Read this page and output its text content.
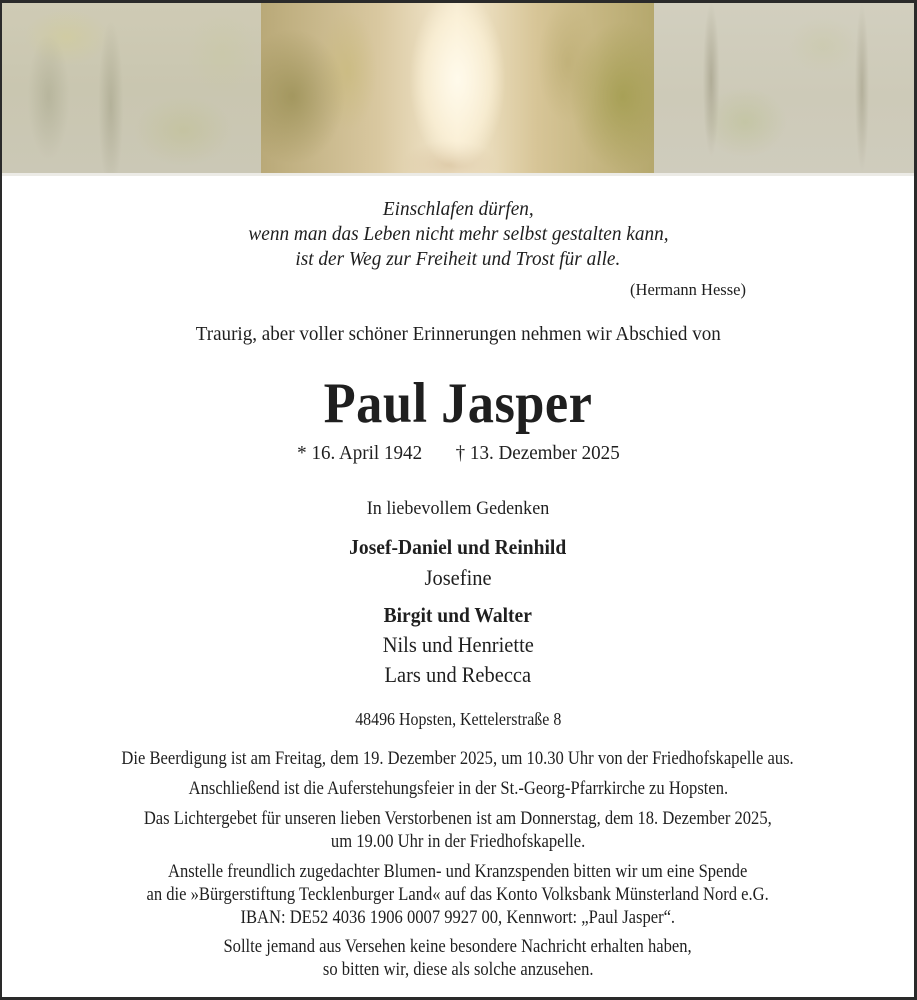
Einschlafen dürfen,
wenn man das Leben nicht mehr selbst gestalten kann,
ist der Weg zur Freiheit und Trost für alle.
(Hermann Hesse)
Traurig, aber voller schöner Erinnerungen nehmen wir Abschied von
Paul Jasper
* 16. April 1942 † 13. Dezember 2025
In liebevollem Gedenken
Josef-Daniel und Reinhild
Josefine
Birgit und Walter
Nils und Henriette
Lars und Rebecca
48496 Hopsten, Kettelerstraße 8
Die Beerdigung ist am Freitag, dem 19. Dezember 2025, um 10.30 Uhr von der Friedhofskapelle aus.
Anschließend ist die Auferstehungsfeier in der St.-Georg-Pfarrkirche zu Hopsten.
Das Lichtergebet für unseren lieben Verstorbenen ist am Donnerstag, dem 18. Dezember 2025,
um 19.00 Uhr in der Friedhofskapelle.
Anstelle freundlich zugedachter Blumen- und Kranzspenden bitten wir um eine Spende
an die »Bürgerstiftung Tecklenburger Land« auf das Konto Volksbank Münsterland Nord e.G.
IBAN: DE52 4036 1906 0007 9927 00, Kennwort: „Paul Jasper“.
Sollte jemand aus Versehen keine besondere Nachricht erhalten haben,
so bitten wir, diese als solche anzusehen.
